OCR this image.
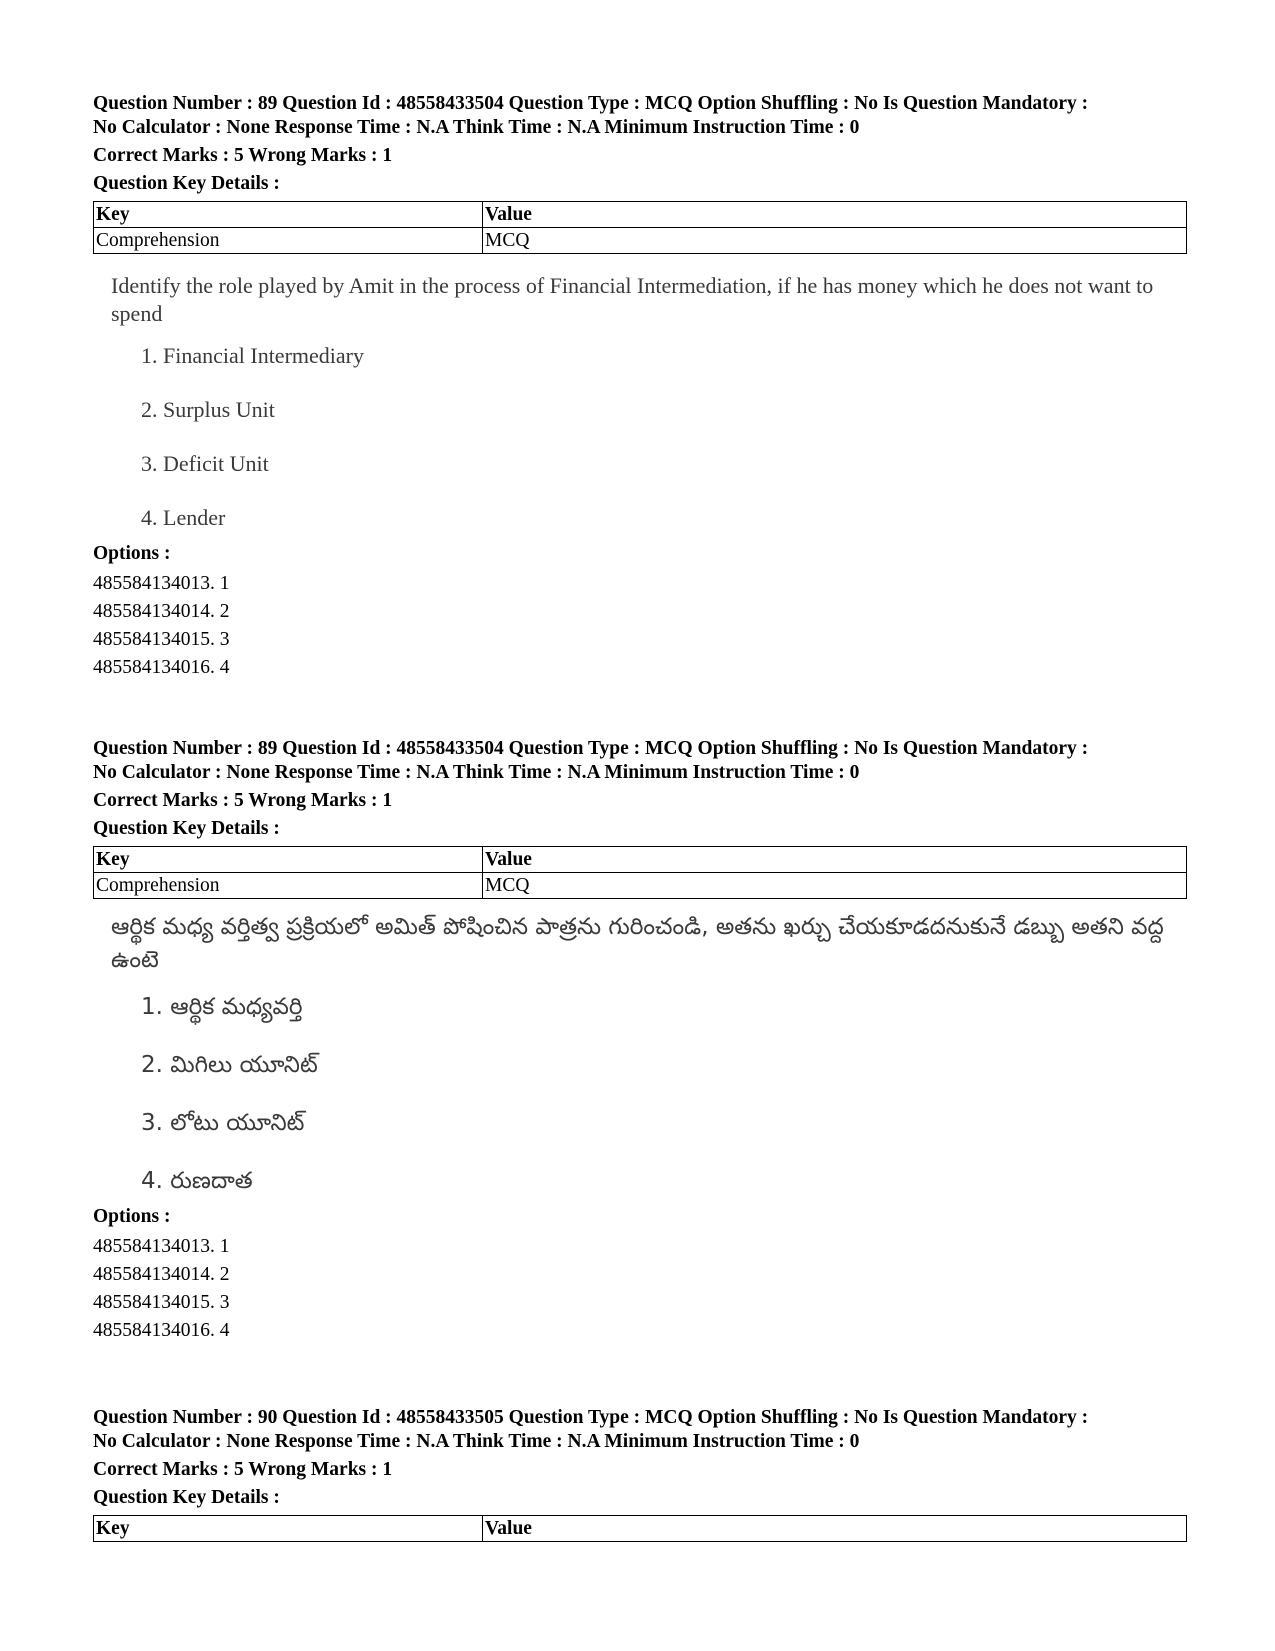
Question Number : 89 Question Id : 48558433504 Question Type : MCQ Option Shuffling : No Is Question Mandatory :

No Calculator : None Response Time : N.A Think Time : N.A Minimum Instruction Time : 0

Correct Marks : 5 Wrong Marks : 1

Question Key Details :

Key	Value
Comprehension	MCQ

Identify the role played by Amit in the process of Financial Intermediation, if he has money which he does not want to spend

1. Financial Intermediary
2. Surplus Unit
3. Deficit Unit
4. Lender

Options :

485584134013. 1
485584134014. 2
485584134015. 3
485584134016. 4

Question Number : 89 Question Id : 48558433504 Question Type : MCQ Option Shuffling : No Is Question Mandatory :

No Calculator : None Response Time : N.A Think Time : N.A Minimum Instruction Time : 0

Correct Marks : 5 Wrong Marks : 1

Question Key Details :

Key	Value
Comprehension	MCQ

ఆర్థిక మధ్య వర్తిత్వ ప్రక్రియలో అమిత్ పోషించిన పాత్రను గురించండి, అతను ఖర్చు చేయకూడదనుకునే డబ్బు అతని వద్ద ఉంటె

1. ఆర్థిక మధ్యవర్తి
2. మిగిలు యూనిట్
3. లోటు యూనిట్
4. రుణదాత

Options :

485584134013. 1
485584134014. 2
485584134015. 3
485584134016. 4

Question Number : 90 Question Id : 48558433505 Question Type : MCQ Option Shuffling : No Is Question Mandatory :

No Calculator : None Response Time : N.A Think Time : N.A Minimum Instruction Time : 0

Correct Marks : 5 Wrong Marks : 1

Question Key Details :

Key	Value
